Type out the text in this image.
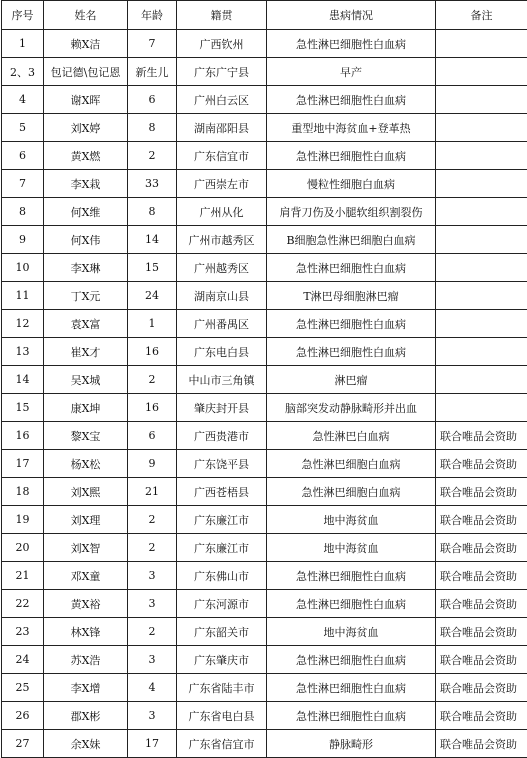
序号	姓名	年龄	籍贯	患病情况	备注
1	赖X洁	7	广西钦州	急性淋巴细胞性白血病	
2、3	包记德\包记恩	新生儿	广东广宁县	早产	
4	谢X晖	6	广州白云区	急性淋巴细胞性白血病	
5	刘X婷	8	湖南邵阳县	重型地中海贫血+登革热	
6	黄X燃	2	广东信宜市	急性淋巴细胞性白血病	
7	李X栽	33	广西崇左市	慢粒性细胞白血病	
8	何X维	8	广州从化	肩背刀伤及小腿软组织割裂伤	
9	何X伟	14	广州市越秀区	B细胞急性淋巴细胞白血病	
10	李X琳	15	广州越秀区	急性淋巴细胞性白血病	
11	丁X元	24	湖南京山县	T淋巴母细胞淋巴瘤	
12	袁X富	1	广州番禺区	急性淋巴细胞性白血病	
13	崔X才	16	广东电白县	急性淋巴细胞性白血病	
14	吴X城	2	中山市三角镇	淋巴瘤	
15	康X坤	16	肇庆封开县	脑部突发动静脉畸形并出血	
16	黎X宝	6	广西贵港市	急性淋巴白血病	联合唯品会资助
17	杨X松	9	广东饶平县	急性淋巴细胞白血病	联合唯品会资助
18	刘X熙	21	广西苍梧县	急性淋巴细胞白血病	联合唯品会资助
19	刘X理	2	广东廉江市	地中海贫血	联合唯品会资助
20	刘X智	2	广东廉江市	地中海贫血	联合唯品会资助
21	邓X童	3	广东佛山市	急性淋巴细胞性白血病	联合唯品会资助
22	黄X裕	3	广东河源市	急性淋巴细胞性白血病	联合唯品会资助
23	林X锋	2	广东韶关市	地中海贫血	联合唯品会资助
24	苏X浩	3	广东肇庆市	急性淋巴细胞性白血病	联合唯品会资助
25	李X增	4	广东省陆丰市	急性淋巴细胞性白血病	联合唯品会资助
26	郡X彬	3	广东省电白县	急性淋巴细胞性白血病	联合唯品会资助
27	余X妹	17	广东省信宜市	静脉畸形	联合唯品会资助
